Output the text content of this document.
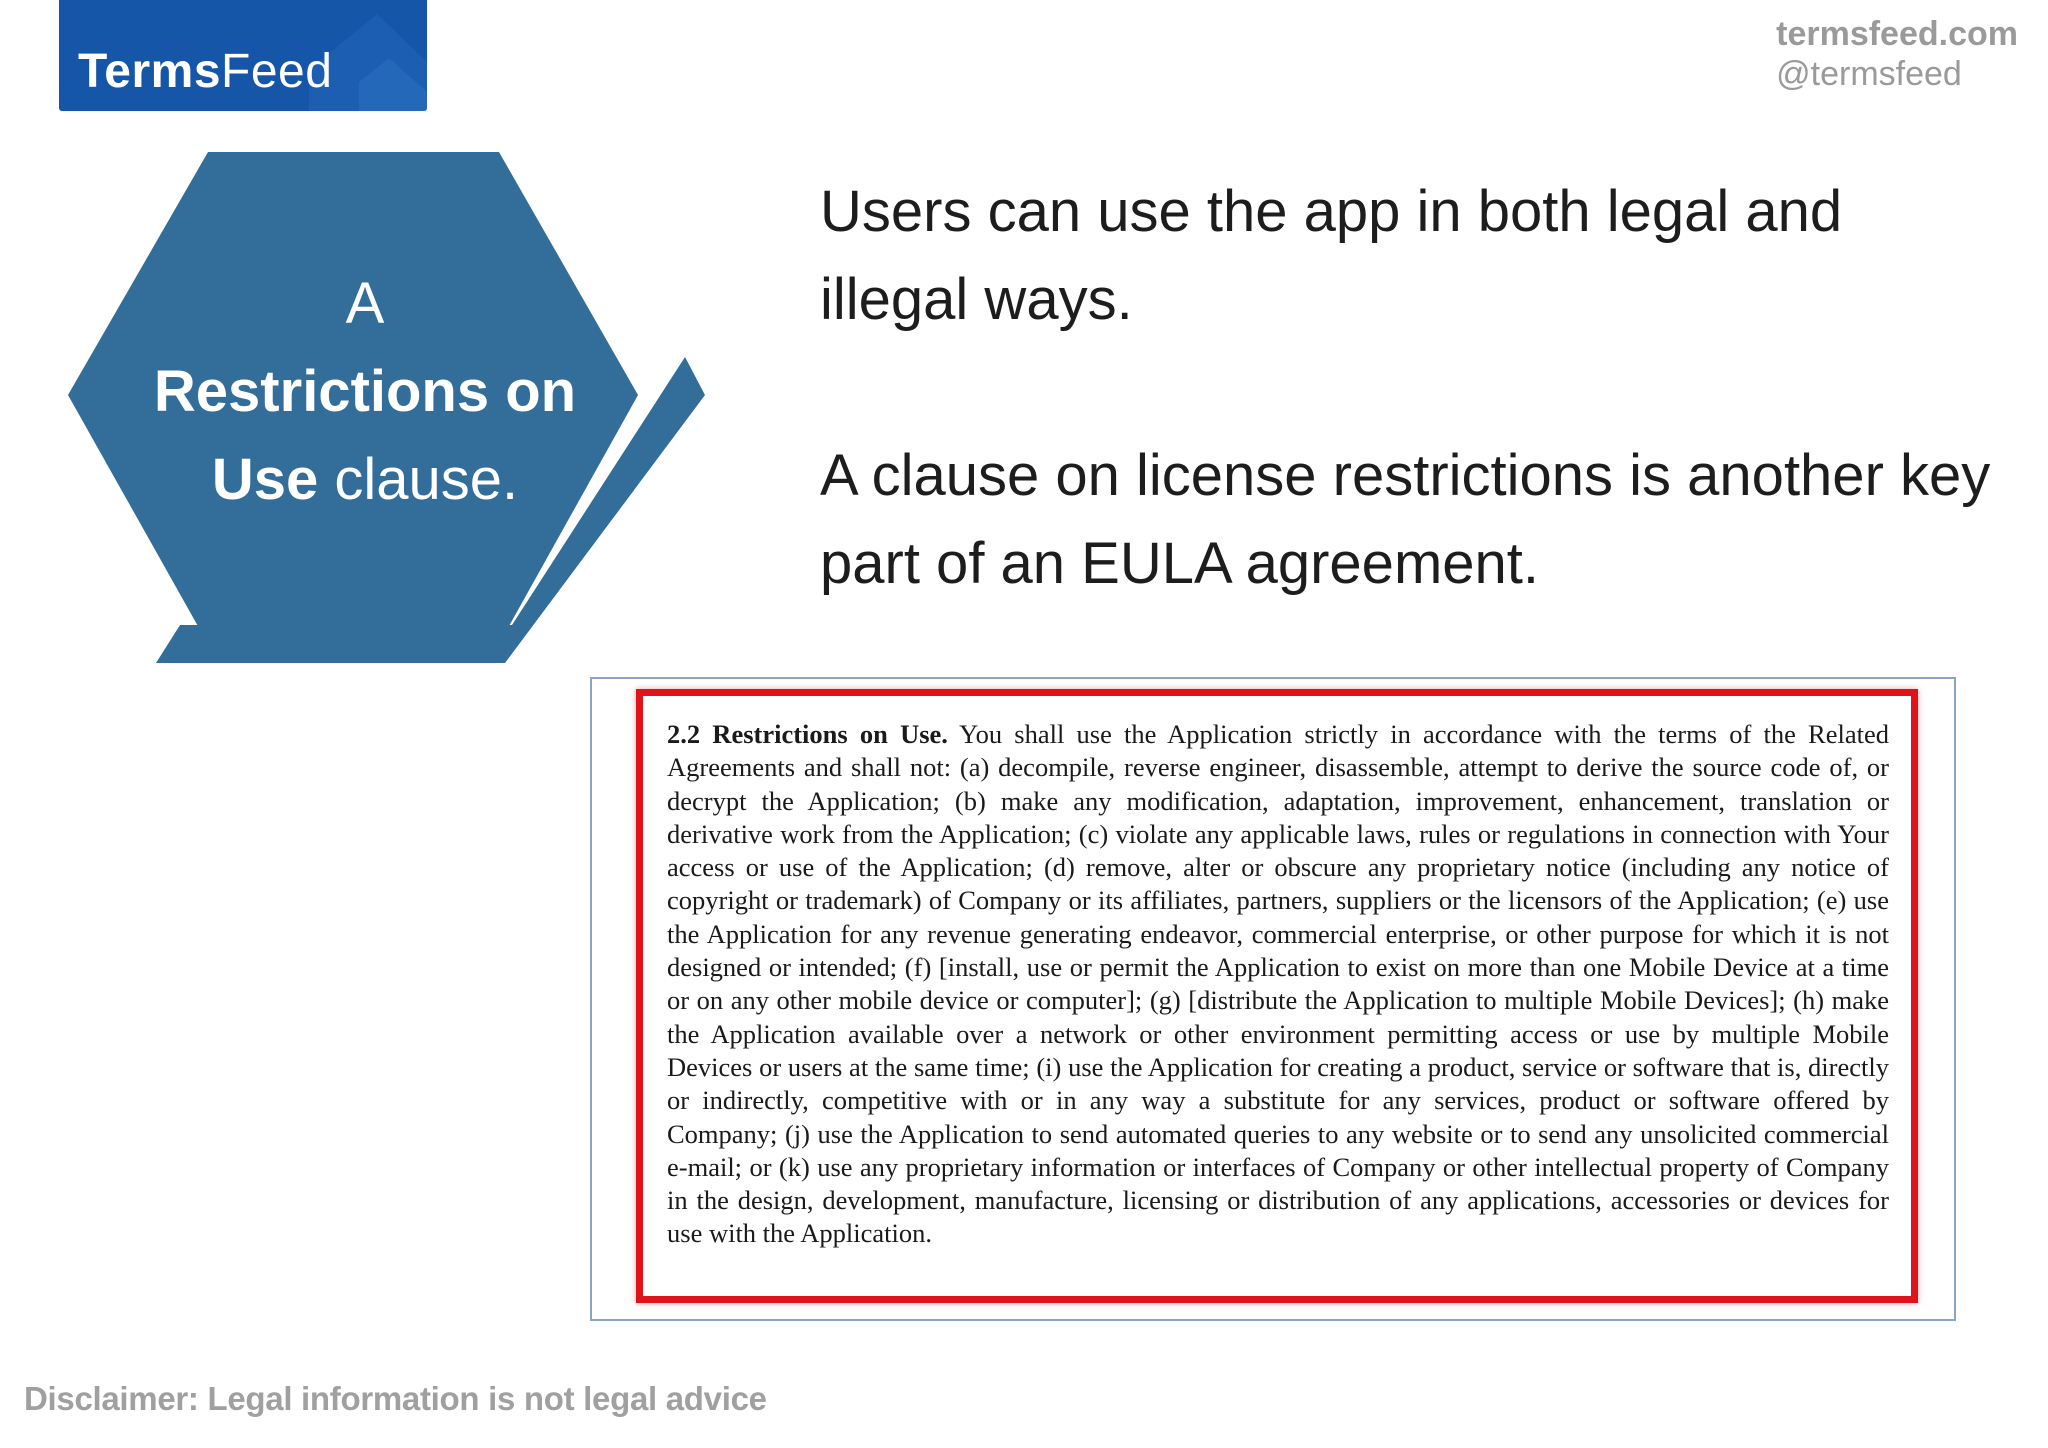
TermsFeed
termsfeed.com
@termsfeed
A
Restrictions on
Use clause.

Users can use the app in both legal and illegal ways.

A clause on license restrictions is another key part of an EULA agreement.

2.2 Restrictions on Use. You shall use the Application strictly in accordance with the terms of the Related Agreements and shall not: (a) decompile, reverse engineer, disassemble, attempt to derive the source code of, or decrypt the Application; (b) make any modification, adaptation, improvement, enhancement, translation or derivative work from the Application; (c) violate any applicable laws, rules or regulations in connection with Your access or use of the Application; (d) remove, alter or obscure any proprietary notice (including any notice of copyright or trademark) of Company or its affiliates, partners, suppliers or the licensors of the Application; (e) use the Application for any revenue generating endeavor, commercial enterprise, or other purpose for which it is not designed or intended; (f) [install, use or permit the Application to exist on more than one Mobile Device at a time or on any other mobile device or computer]; (g) [distribute the Application to multiple Mobile Devices]; (h) make the Application available over a network or other environment permitting access or use by multiple Mobile Devices or users at the same time; (i) use the Application for creating a product, service or software that is, directly or indirectly, competitive with or in any way a substitute for any services, product or software offered by Company; (j) use the Application to send automated queries to any website or to send any unsolicited commercial e-mail; or (k) use any proprietary information or interfaces of Company or other intellectual property of Company in the design, development, manufacture, licensing or distribution of any applications, accessories or devices for use with the Application.
Disclaimer: Legal information is not legal advice
